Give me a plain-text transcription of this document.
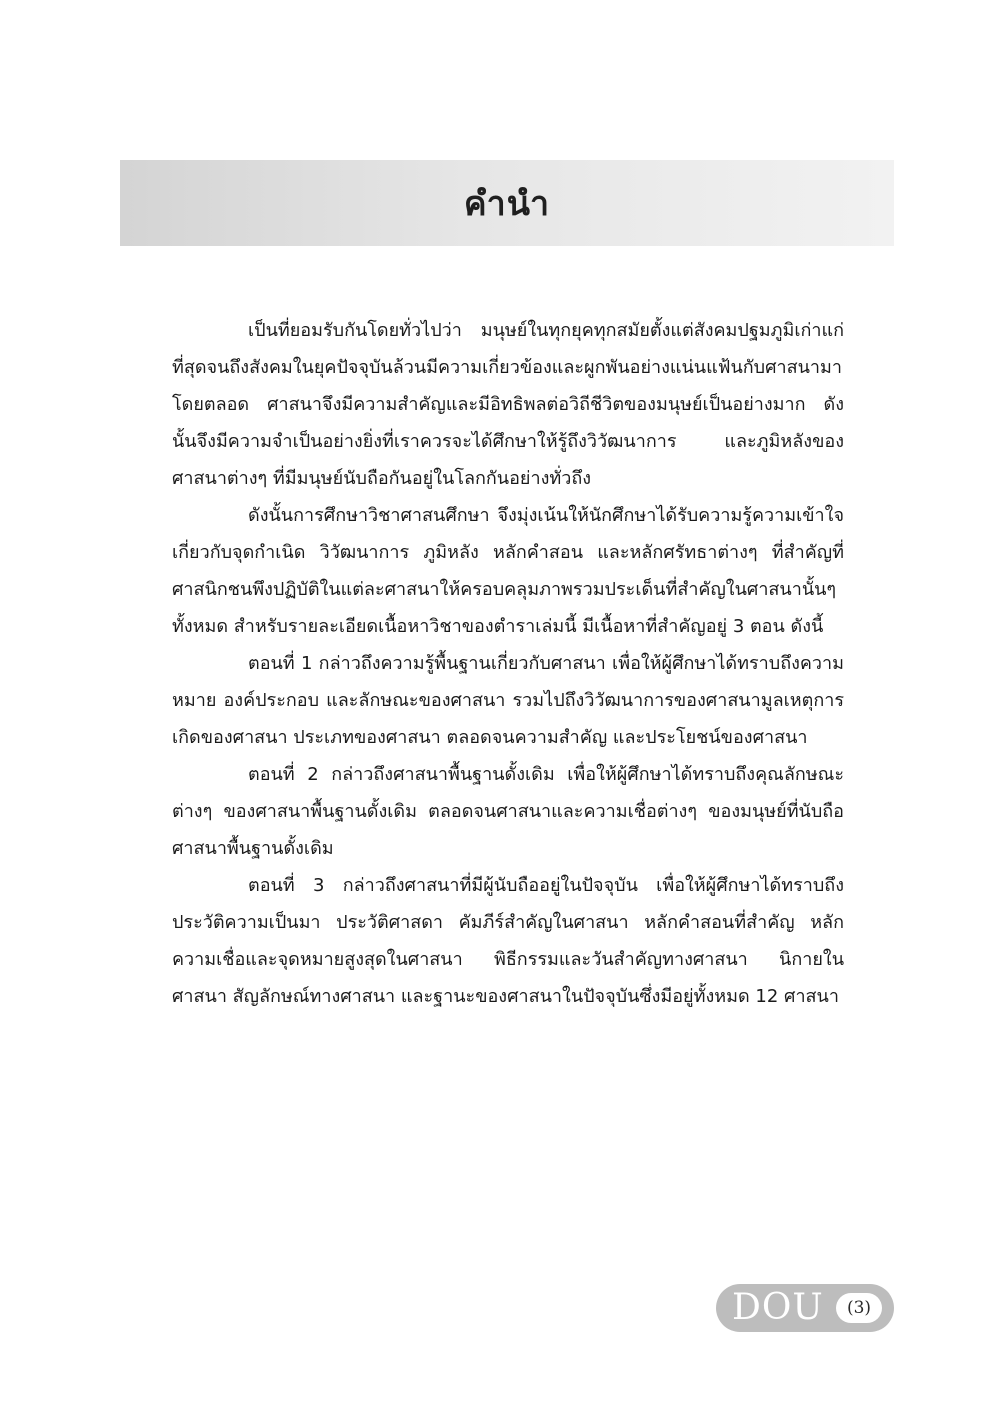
คำนำ

เป็นที่ยอมรับกันโดยทั่วไปว่า มนุษย์ในทุกยุคทุกสมัยตั้งแต่สังคมปฐมภูมิเก่าแก่ที่สุดจนถึงสังคมในยุคปัจจุบันล้วนมีความเกี่ยวข้องและผูกพันอย่างแน่นแฟ้นกับศาสนามาโดยตลอด ศาสนาจึงมีความสำคัญและมีอิทธิพลต่อวิถีชีวิตของมนุษย์เป็นอย่างมาก ดังนั้นจึงมีความจำเป็นอย่างยิ่งที่เราควรจะได้ศึกษาให้รู้ถึงวิวัฒนาการ และภูมิหลังของศาสนาต่างๆ ที่มีมนุษย์นับถือกันอยู่ในโลกกันอย่างทั่วถึง

ดังนั้นการศึกษาวิชาศาสนศึกษา จึงมุ่งเน้นให้นักศึกษาได้รับความรู้ความเข้าใจเกี่ยวกับจุดกำเนิด วิวัฒนาการ ภูมิหลัง หลักคำสอน และหลักศรัทธาต่างๆ ที่สำคัญที่ศาสนิกชนพึงปฏิบัติในแต่ละศาสนาให้ครอบคลุมภาพรวมประเด็นที่สำคัญในศาสนานั้นๆ ทั้งหมด สำหรับรายละเอียดเนื้อหาวิชาของตำราเล่มนี้ มีเนื้อหาที่สำคัญอยู่ 3 ตอน ดังนี้

ตอนที่ 1 กล่าวถึงความรู้พื้นฐานเกี่ยวกับศาสนา เพื่อให้ผู้ศึกษาได้ทราบถึงความหมาย องค์ประกอบ และลักษณะของศาสนา รวมไปถึงวิวัฒนาการของศาสนามูลเหตุการเกิดของศาสนา ประเภทของศาสนา ตลอดจนความสำคัญ และประโยชน์ของศาสนา

ตอนที่ 2 กล่าวถึงศาสนาพื้นฐานดั้งเดิม เพื่อให้ผู้ศึกษาได้ทราบถึงคุณลักษณะต่างๆ ของศาสนาพื้นฐานดั้งเดิม ตลอดจนศาสนาและความเชื่อต่างๆ ของมนุษย์ที่นับถือศาสนาพื้นฐานดั้งเดิม

ตอนที่ 3 กล่าวถึงศาสนาที่มีผู้นับถืออยู่ในปัจจุบัน เพื่อให้ผู้ศึกษาได้ทราบถึงประวัติความเป็นมา ประวัติศาสดา คัมภีร์สำคัญในศาสนา หลักคำสอนที่สำคัญ หลักความเชื่อและจุดหมายสูงสุดในศาสนา พิธีกรรมและวันสำคัญทางศาสนา นิกายในศาสนา สัญลักษณ์ทางศาสนา และฐานะของศาสนาในปัจจุบันซึ่งมีอยู่ทั้งหมด 12 ศาสนา

DOU	(3)
